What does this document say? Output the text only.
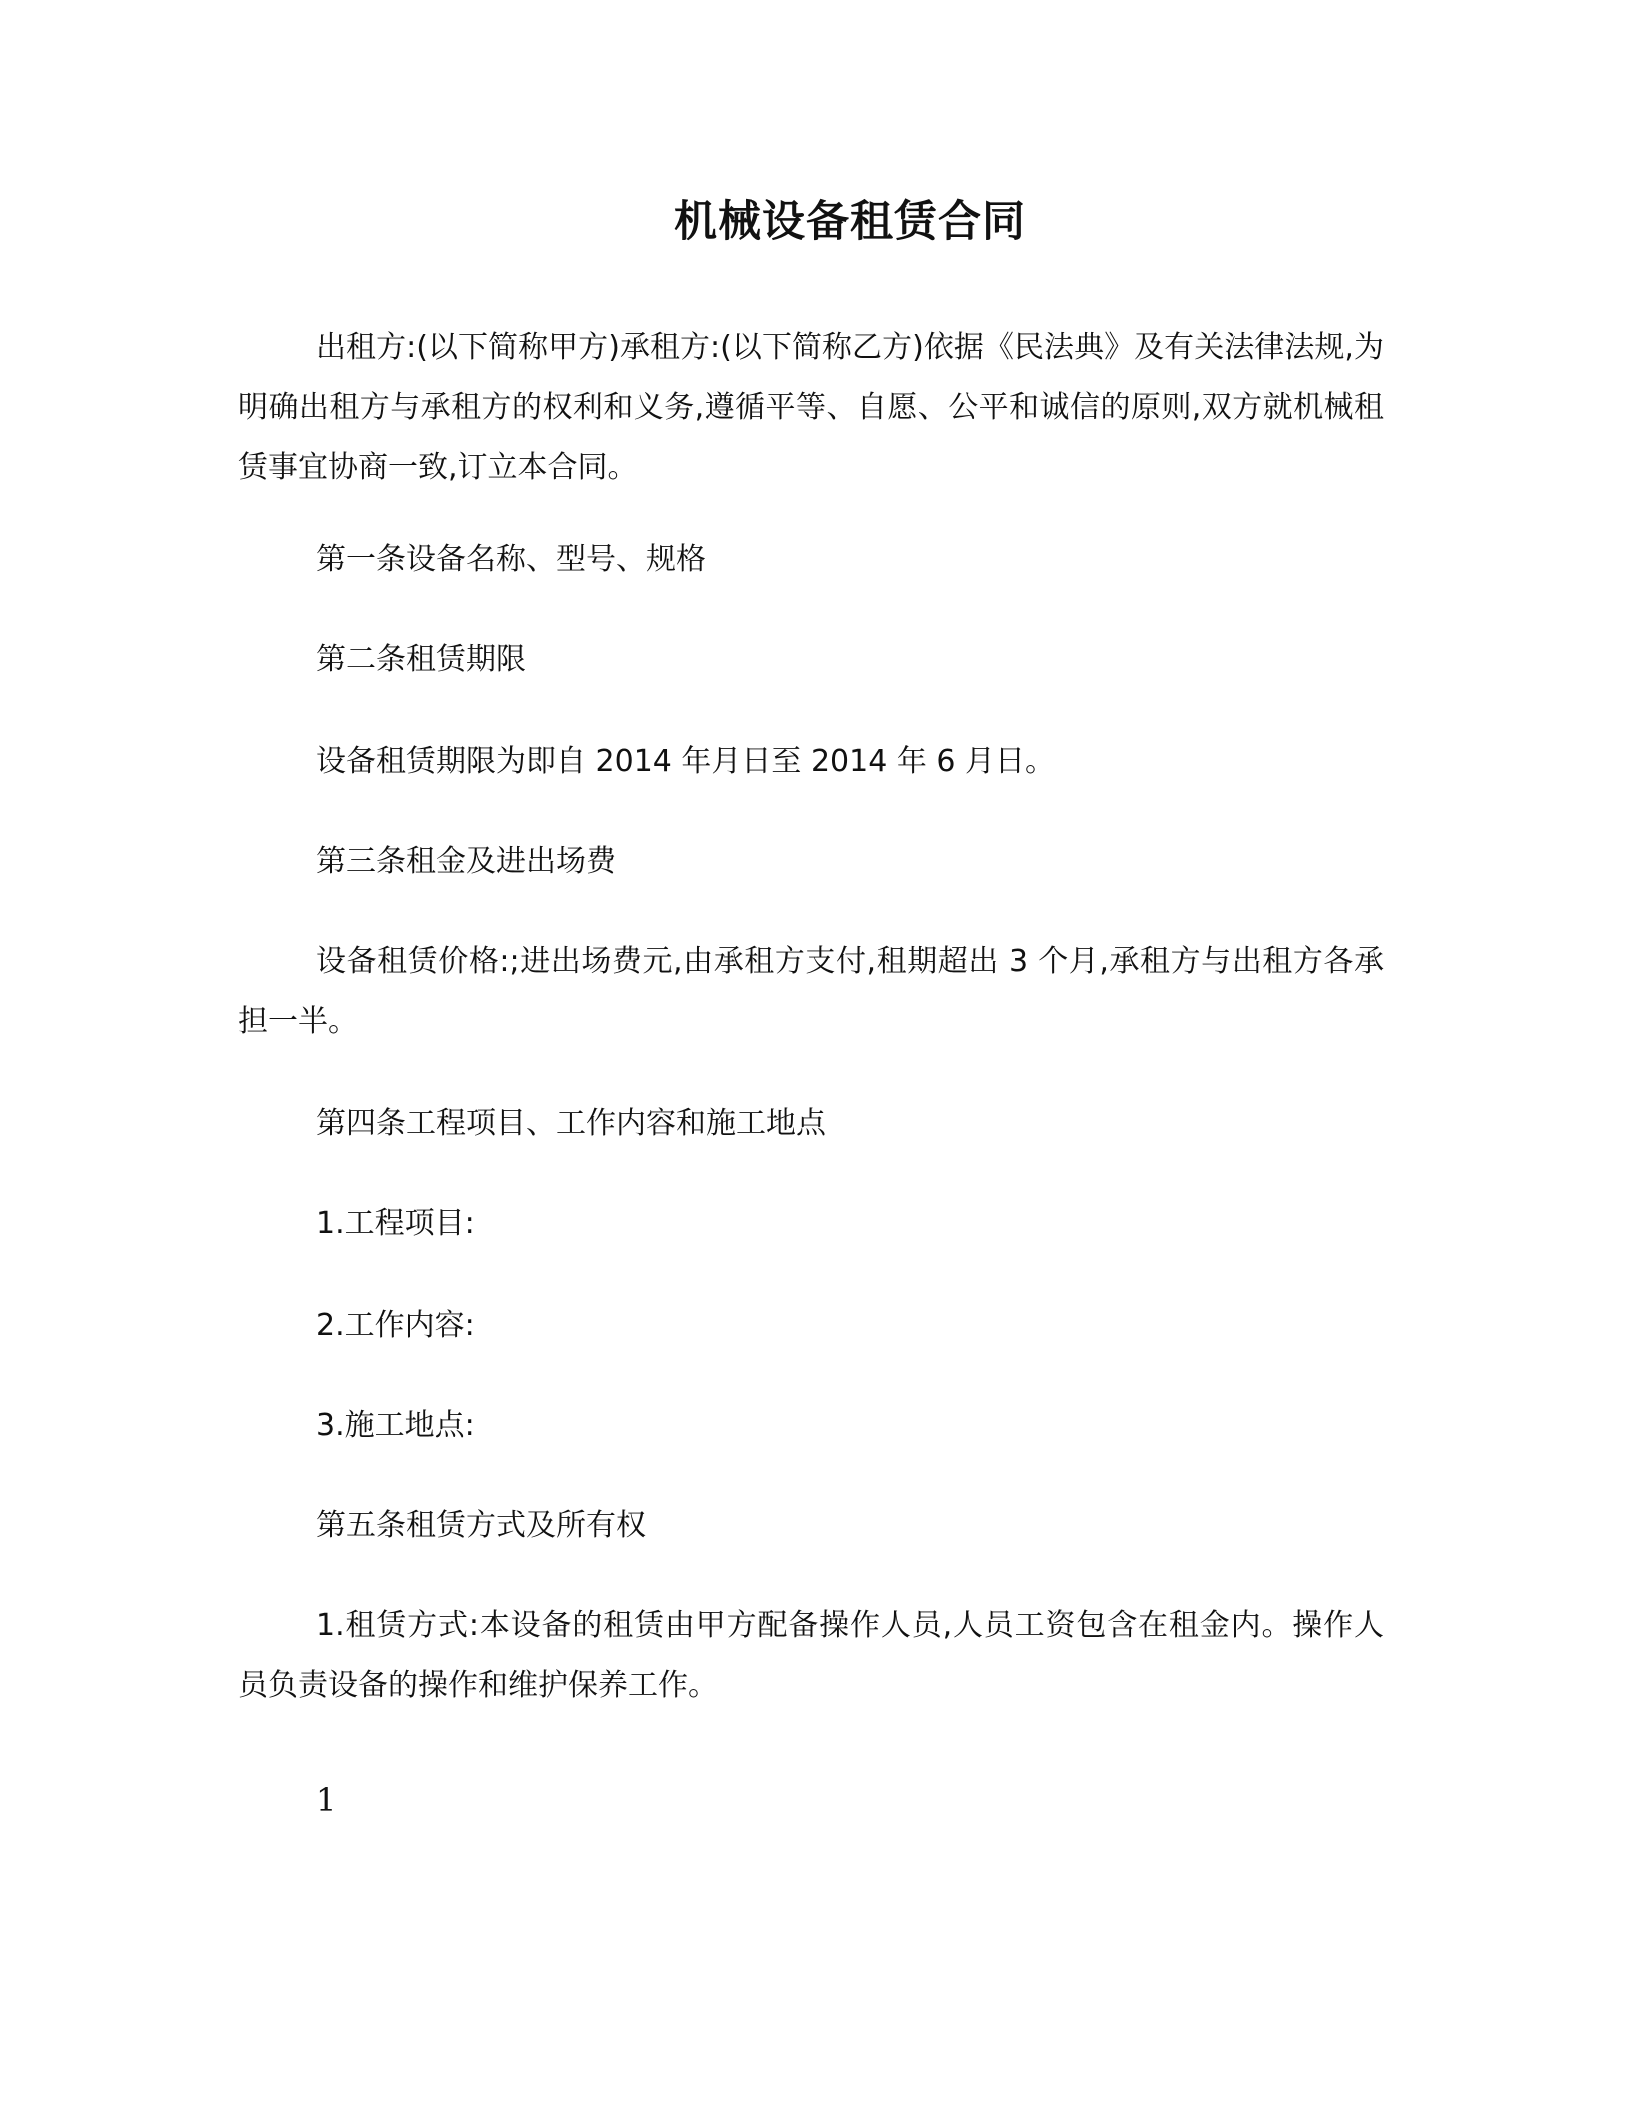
机械设备租赁合同

出租方:(以下简称甲方)承租方:(以下简称乙方)依据《民法典》及有关法律法规,为明确出租方与承租方的权利和义务,遵循平等、自愿、公平和诚信的原则,双方就机械租赁事宜协商一致,订立本合同。

第一条设备名称、型号、规格

第二条租赁期限

设备租赁期限为即自 2014 年月日至 2014 年 6 月日。

第三条租金及进出场费

设备租赁价格:;进出场费元,由承租方支付,租期超出 3 个月,承租方与出租方各承担一半。

第四条工程项目、工作内容和施工地点

1.工程项目:

2.工作内容:

3.施工地点:

第五条租赁方式及所有权

1.租赁方式:本设备的租赁由甲方配备操作人员,人员工资包含在租金内。操作人员负责设备的操作和维护保养工作。

1
